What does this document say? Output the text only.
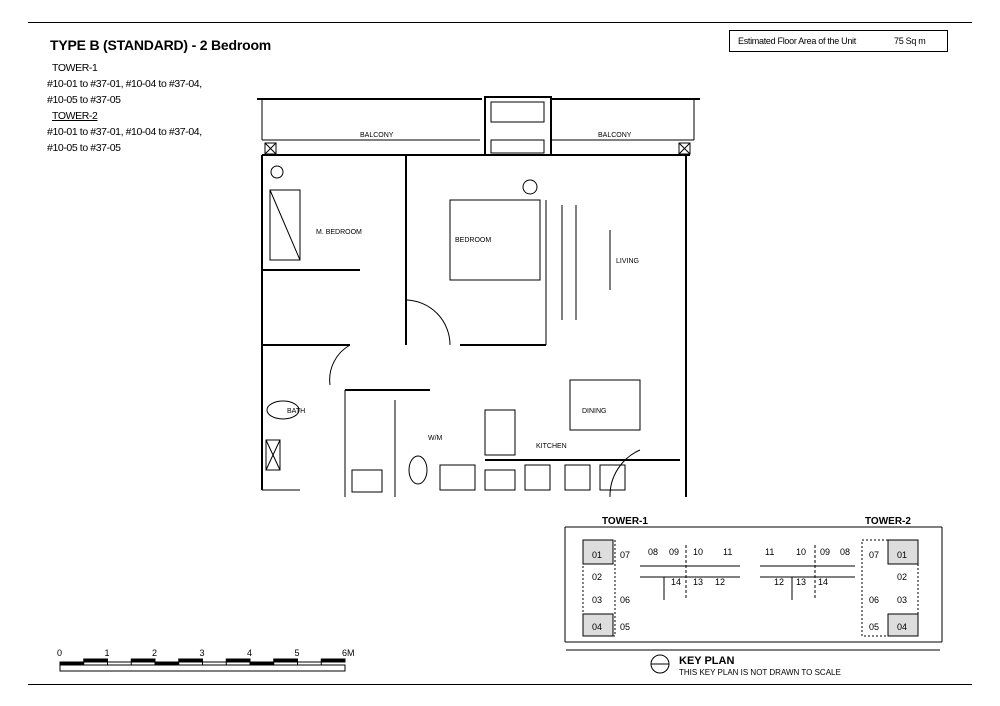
TYPE B (STANDARD) - 2 Bedroom
TOWER-1
#10-01 to #37-01, #10-04 to #37-04,
#10-05 to #37-05
TOWER-2
#10-01 to #37-01, #10-04 to #37-04,
#10-05 to #37-05
Estimated Floor Area of the Unit	75 Sq m
BALCONY	BALCONY
M. BEDROOM
BEDROOM
LIVING
DINING
KITCHEN
BATH
W/M
TOWER-1	TOWER-2
01
02
03
04 05
06
07 08 09 10 11
12
13
14
01
02
03
04
05
06
07
08
09
10
11
12 13 14
KEY PLAN
THIS KEY PLAN IS NOT DRAWN TO SCALE
0	1	2	3	4	5	6M
